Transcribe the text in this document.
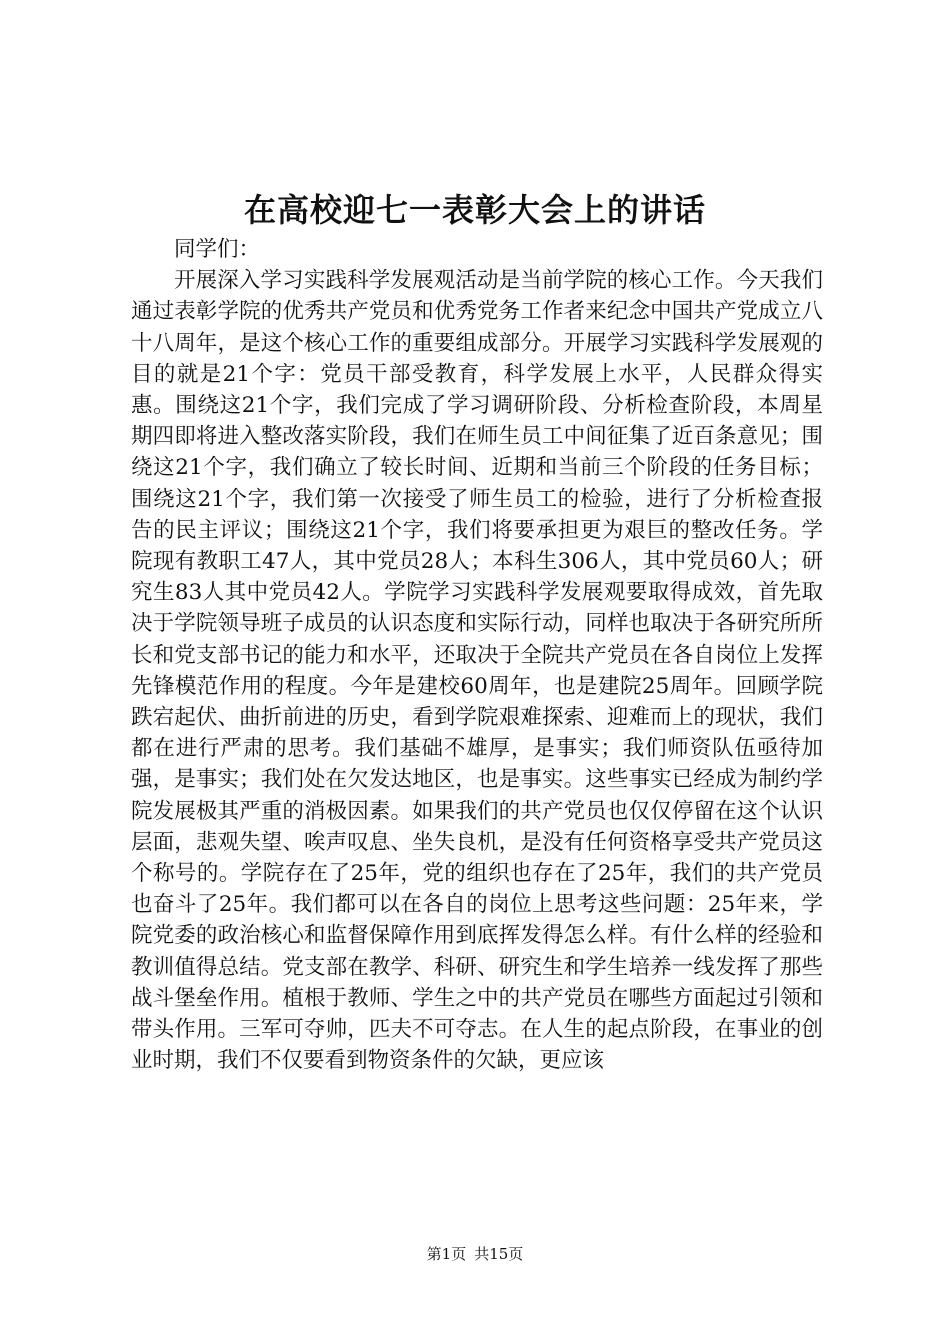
在高校迎七一表彰大会上的讲话

同学们：

开展深入学习实践科学发展观活动是当前学院的核心工作。今天我们通过表彰学院的优秀共产党员和优秀党务工作者来纪念中国共产党成立八十八周年，是这个核心工作的重要组成部分。开展学习实践科学发展观的目的就是21个字：党员干部受教育，科学发展上水平，人民群众得实惠。围绕这21个字，我们完成了学习调研阶段、分析检查阶段，本周星期四即将进入整改落实阶段，我们在师生员工中间征集了近百条意见；围绕这21个字，我们确立了较长时间、近期和当前三个阶段的任务目标；围绕这21个字，我们第一次接受了师生员工的检验，进行了分析检查报告的民主评议；围绕这21个字，我们将要承担更为艰巨的整改任务。学院现有教职工47人，其中党员28人；本科生306人，其中党员60人；研究生83人其中党员42人。学院学习实践科学发展观要取得成效，首先取决于学院领导班子成员的认识态度和实际行动，同样也取决于各研究所所长和党支部书记的能力和水平，还取决于全院共产党员在各自岗位上发挥先锋模范作用的程度。今年是建校60周年，也是建院25周年。回顾学院跌宕起伏、曲折前进的历史，看到学院艰难探索、迎难而上的现状，我们都在进行严肃的思考。我们基础不雄厚，是事实；我们师资队伍亟待加强，是事实；我们处在欠发达地区，也是事实。这些事实已经成为制约学院发展极其严重的消极因素。如果我们的共产党员也仅仅停留在这个认识层面，悲观失望、唉声叹息、坐失良机，是没有任何资格享受共产党员这个称号的。学院存在了25年，党的组织也存在了25年，我们的共产党员也奋斗了25年。我们都可以在各自的岗位上思考这些问题：25年来，学院党委的政治核心和监督保障作用到底挥发得怎么样。有什么样的经验和教训值得总结。党支部在教学、科研、研究生和学生培养一线发挥了那些战斗堡垒作用。植根于教师、学生之中的共产党员在哪些方面起过引领和带头作用。三军可夺帅，匹夫不可夺志。在人生的起点阶段，在事业的创业时期，我们不仅要看到物资条件的欠缺，更应该

第1页 共15页
